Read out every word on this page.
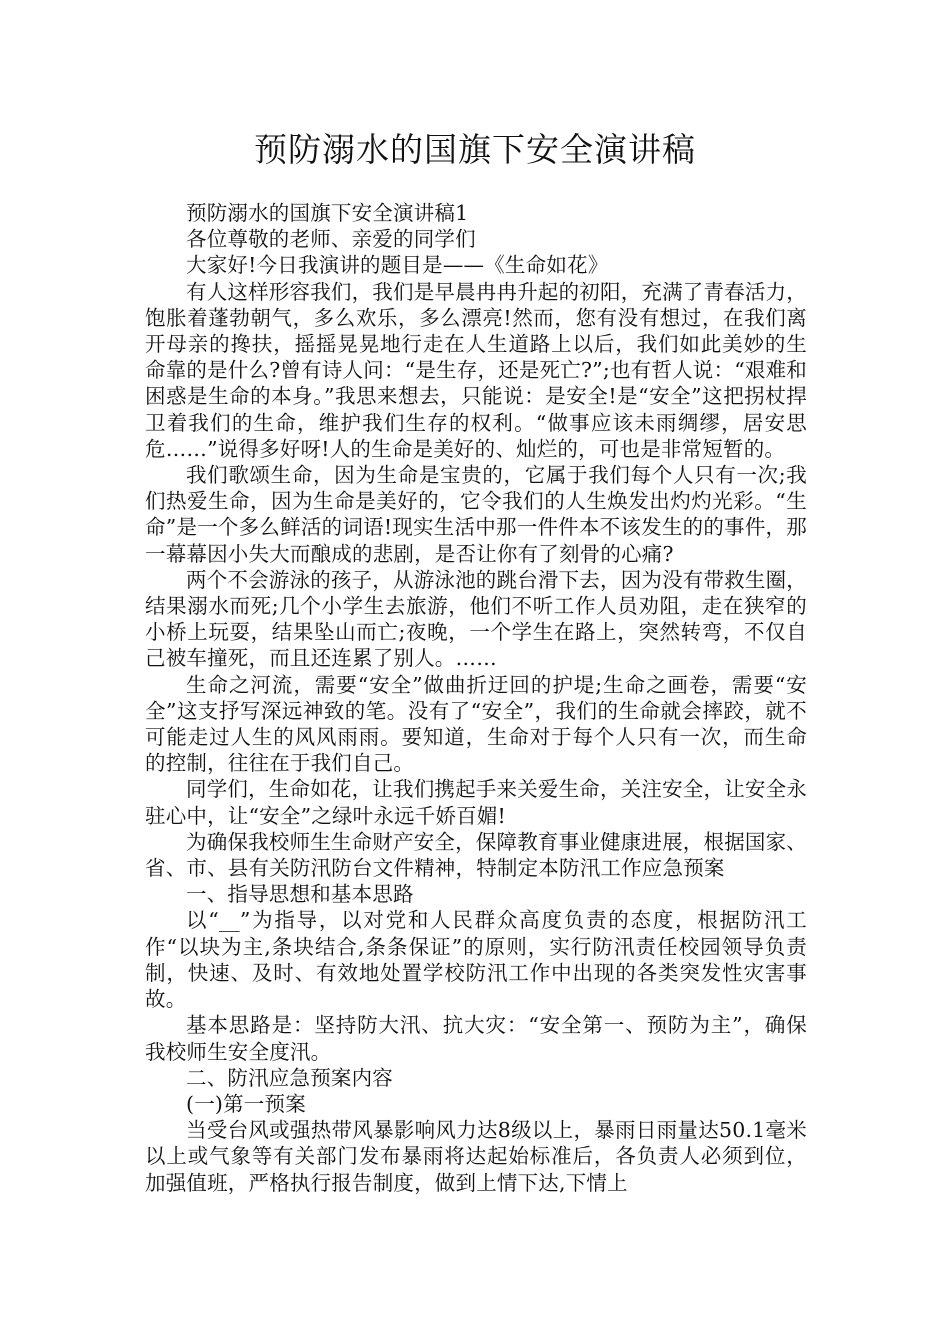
预防溺水的国旗下安全演讲稿

预防溺水的国旗下安全演讲稿1

各位尊敬的老师、亲爱的同学们

大家好!今日我演讲的题目是——《生命如花》

有人这样形容我们，我们是早晨冉冉升起的初阳，充满了青春活力，饱胀着蓬勃朝气，多么欢乐，多么漂亮!然而，您有没有想过，在我们离开母亲的搀扶，摇摇晃晃地行走在人生道路上以后，我们如此美妙的生命靠的是什么?曾有诗人问：“是生存，还是死亡?”;也有哲人说：“艰难和困惑是生命的本身。”我思来想去，只能说：是安全!是“安全”这把拐杖捍卫着我们的生命，维护我们生存的权利。“做事应该未雨绸缪，居安思危……”说得多好呀!人的生命是美好的、灿烂的，可也是非常短暂的。

我们歌颂生命，因为生命是宝贵的，它属于我们每个人只有一次;我们热爱生命，因为生命是美好的，它令我们的人生焕发出灼灼光彩。“生命”是一个多么鲜活的词语!现实生活中那一件件本不该发生的的事件，那一幕幕因小失大而酿成的悲剧，是否让你有了刻骨的心痛?

两个不会游泳的孩子，从游泳池的跳台滑下去，因为没有带救生圈，结果溺水而死;几个小学生去旅游，他们不听工作人员劝阻，走在狭窄的小桥上玩耍，结果坠山而亡;夜晚，一个学生在路上，突然转弯，不仅自己被车撞死，而且还连累了别人。……

生命之河流，需要“安全”做曲折迂回的护堤;生命之画卷，需要“安全”这支抒写深远神致的笔。没有了“安全”，我们的生命就会摔跤，就不可能走过人生的风风雨雨。要知道，生命对于每个人只有一次，而生命的控制，往往在于我们自己。

同学们，生命如花，让我们携起手来关爱生命，关注安全，让安全永驻心中，让“安全”之绿叶永远千娇百媚!

为确保我校师生生命财产安全，保障教育事业健康进展，根据国家、省、市、县有关防汛防台文件精神，特制定本防汛工作应急预案

一、指导思想和基本思路

以“__”为指导，以对党和人民群众高度负责的态度，根据防汛工作“以块为主,条块结合,条条保证”的原则，实行防汛责任校园领导负责制，快速、及时、有效地处置学校防汛工作中出现的各类突发性灾害事故。

基本思路是：坚持防大汛、抗大灾：“安全第一、预防为主”，确保我校师生安全度汛。

二、防汛应急预案内容

(一)第一预案

当受台风或强热带风暴影响风力达8级以上，暴雨日雨量达50.1毫米以上或气象等有关部门发布暴雨将达起始标准后，各负责人必须到位，加强值班，严格执行报告制度，做到上情下达,下情上
